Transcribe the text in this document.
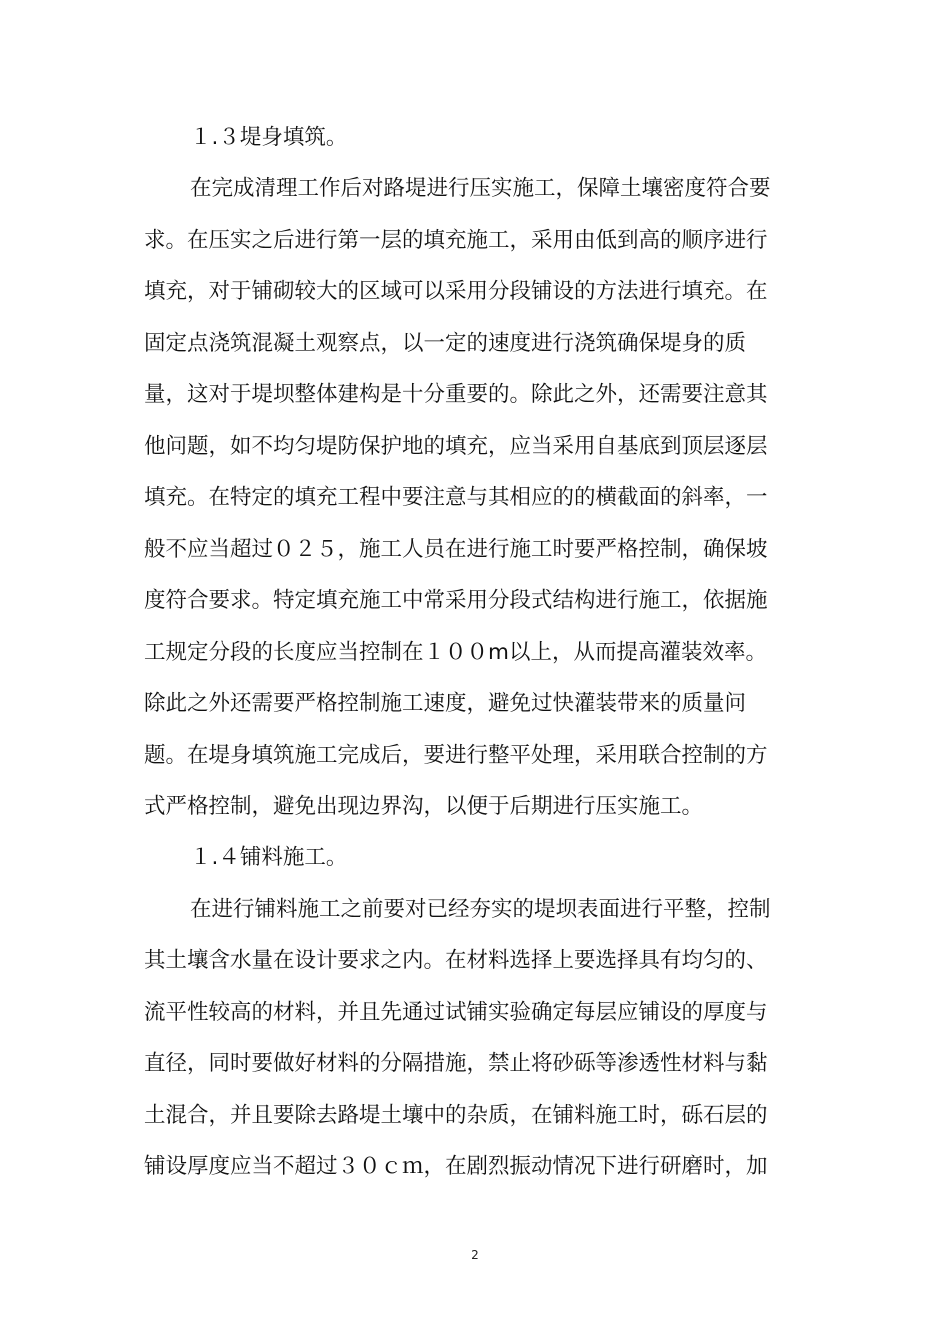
１.３堤身填筑。
在完成清理工作后对路堤进行压实施工，保障土壤密度符合要
求。在压实之后进行第一层的填充施工，采用由低到高的顺序进行
填充，对于铺砌较大的区域可以采用分段铺设的方法进行填充。在
固定点浇筑混凝土观察点，以一定的速度进行浇筑确保堤身的质
量，这对于堤坝整体建构是十分重要的。除此之外，还需要注意其
他问题，如不均匀堤防保护地的填充，应当采用自基底到顶层逐层
填充。在特定的填充工程中要注意与其相应的的横截面的斜率，一
般不应当超过０２５，施工人员在进行施工时要严格控制，确保坡
度符合要求。特定填充施工中常采用分段式结构进行施工，依据施
工规定分段的长度应当控制在１００m以上，从而提高灌装效率。
除此之外还需要严格控制施工速度，避免过快灌装带来的质量问
题。在堤身填筑施工完成后，要进行整平处理，采用联合控制的方
式严格控制，避免出现边界沟，以便于后期进行压实施工。
１.４铺料施工。
在进行铺料施工之前要对已经夯实的堤坝表面进行平整，控制
其土壤含水量在设计要求之内。在材料选择上要选择具有均匀的、
流平性较高的材料，并且先通过试铺实验确定每层应铺设的厚度与
直径，同时要做好材料的分隔措施，禁止将砂砾等渗透性材料与黏
土混合，并且要除去路堤土壤中的杂质，在铺料施工时，砾石层的
铺设厚度应当不超过３０ｃｍ，在剧烈振动情况下进行研磨时，加
2
